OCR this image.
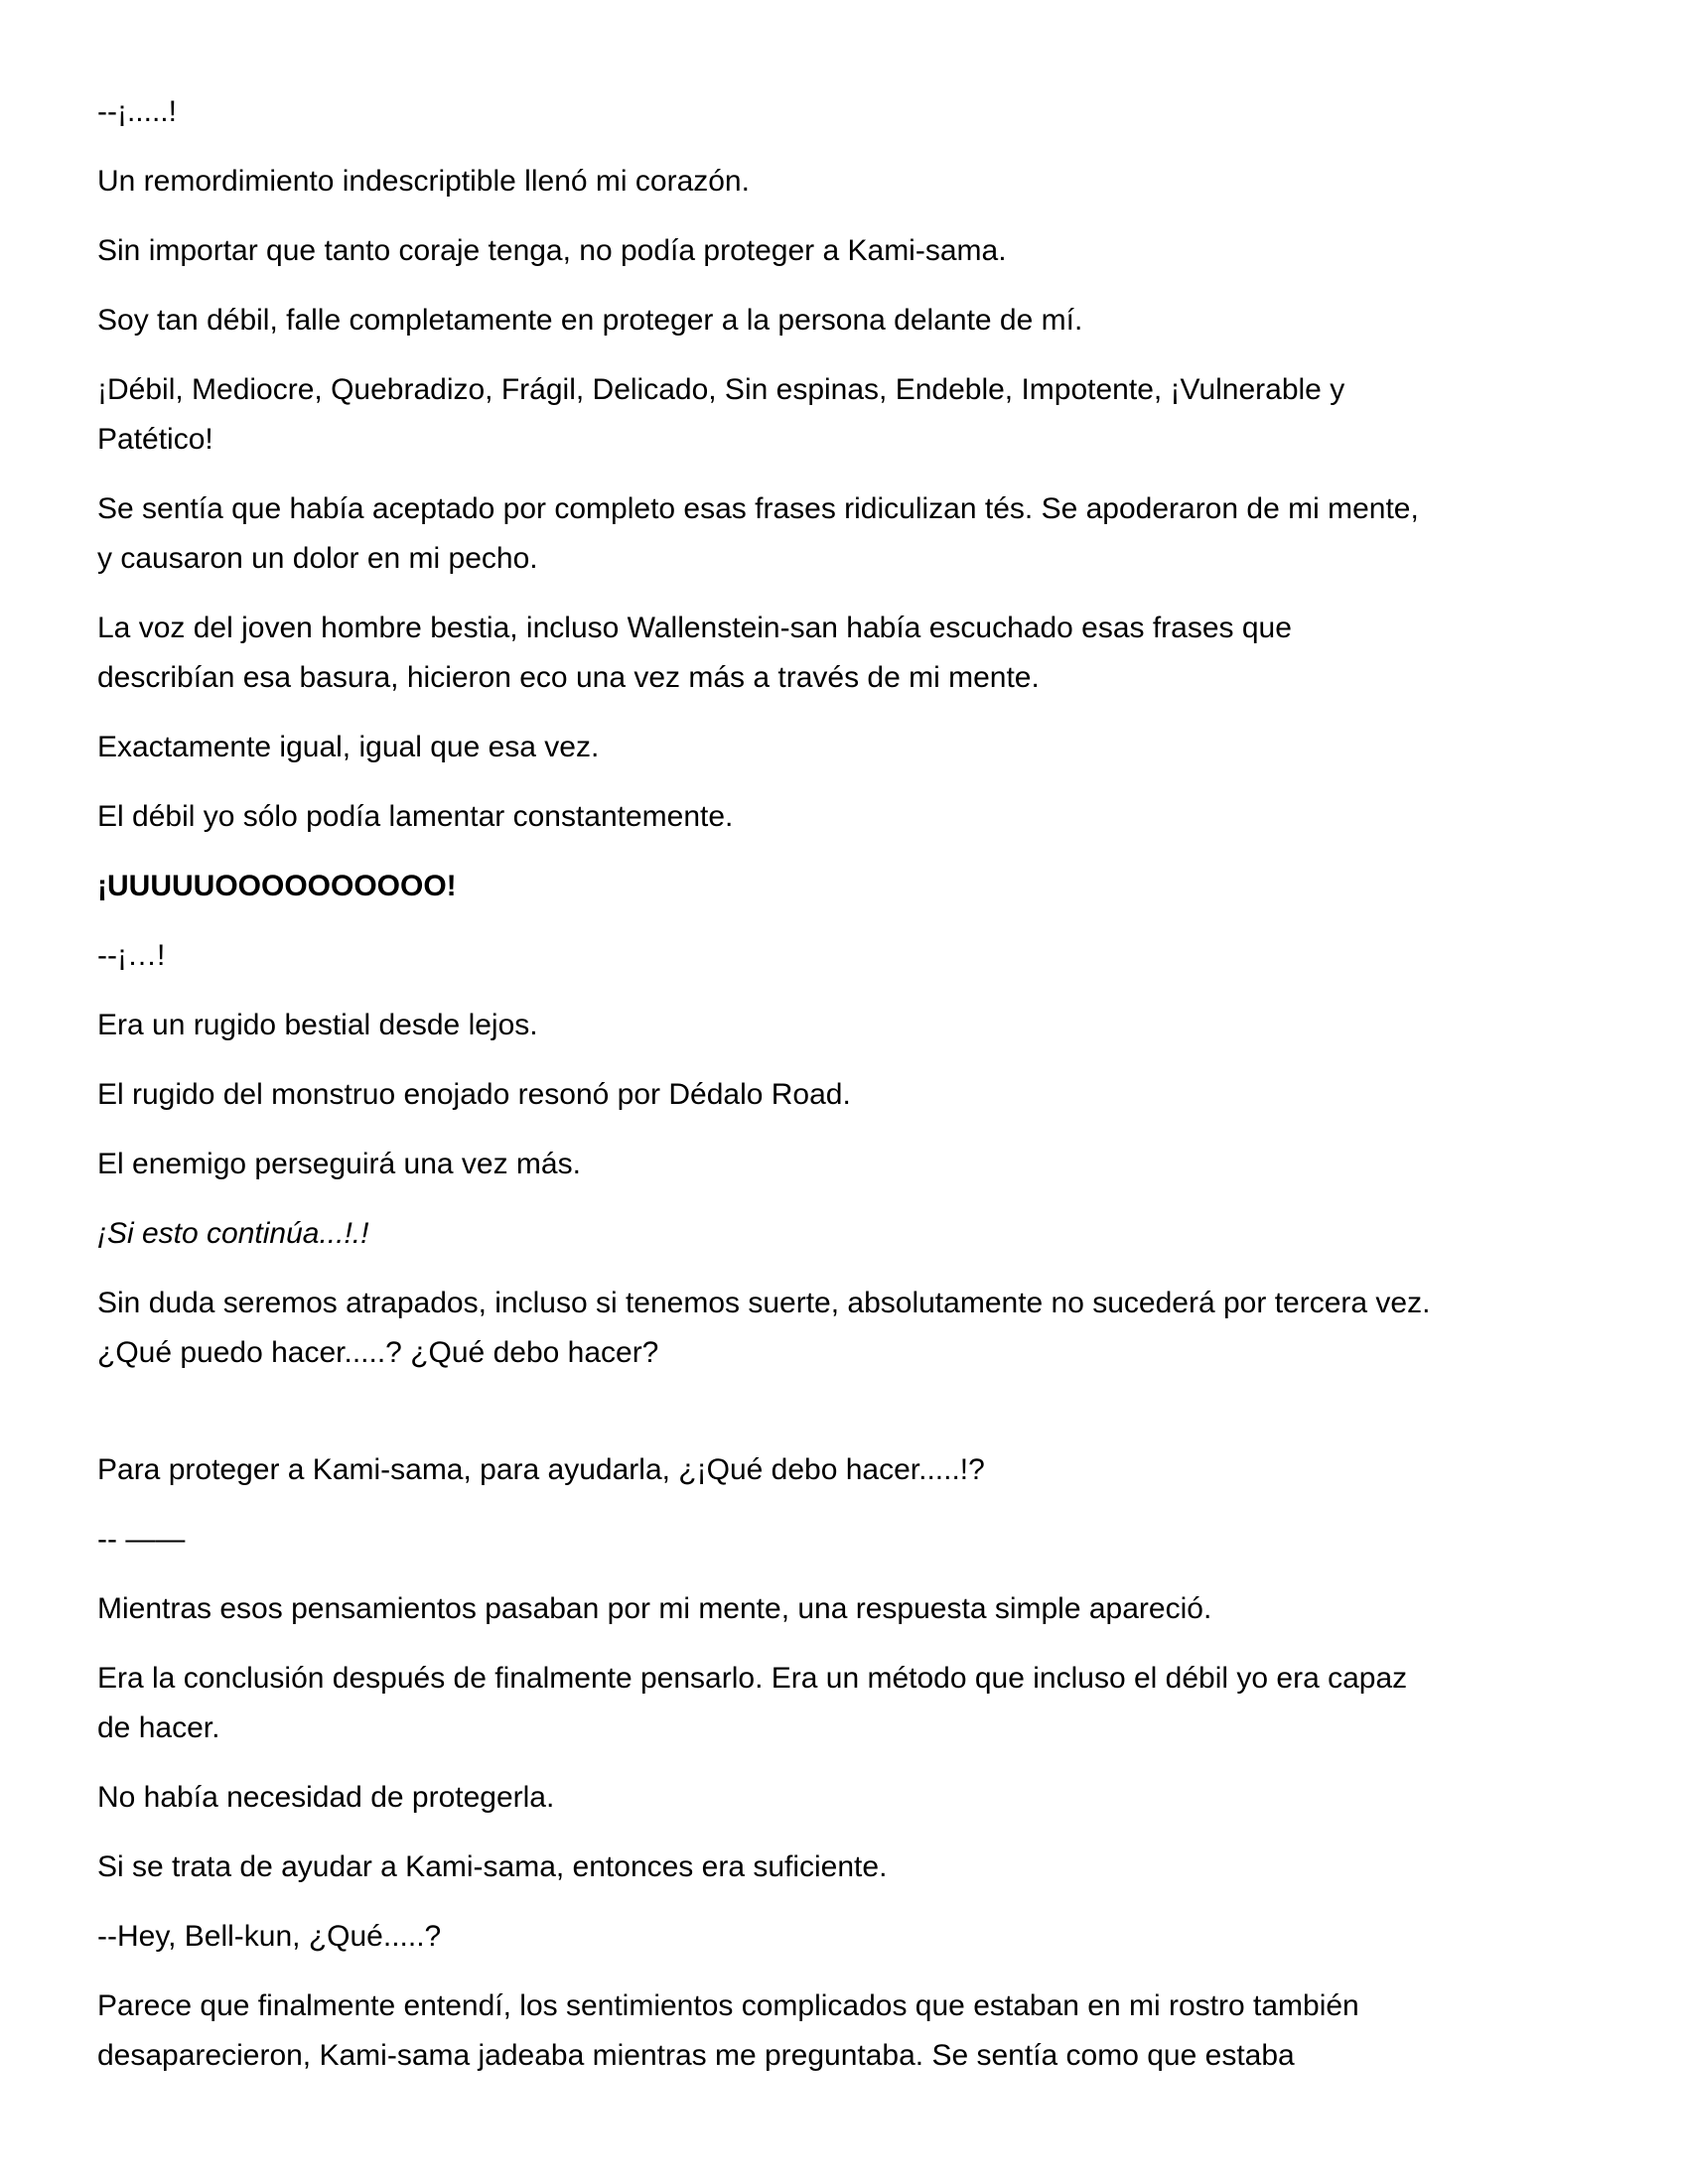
--¡.....!

Un remordimiento indescriptible llenó mi corazón.

Sin importar que tanto coraje tenga, no podía proteger a Kami-sama.

Soy tan débil, falle completamente en proteger a la persona delante de mí.

¡Débil, Mediocre, Quebradizo, Frágil, Delicado, Sin espinas, Endeble, Impotente, ¡Vulnerable y
Patético!

Se sentía que había aceptado por completo esas frases ridiculizan tés. Se apoderaron de mi mente,
y causaron un dolor en mi pecho.

La voz del joven hombre bestia, incluso Wallenstein-san había escuchado esas frases que
describían esa basura, hicieron eco una vez más a través de mi mente.

Exactamente igual, igual que esa vez.

El débil yo sólo podía lamentar constantemente.

¡UUUUUOOOOOOOOOO!

--¡…!

Era un rugido bestial desde lejos.

El rugido del monstruo enojado resonó por Dédalo Road.

El enemigo perseguirá una vez más.

¡Si esto continúa...!.!

Sin duda seremos atrapados, incluso si tenemos suerte, absolutamente no sucederá por tercera vez.
¿Qué puedo hacer.....? ¿Qué debo hacer?

Para proteger a Kami-sama, para ayudarla, ¿¡Qué debo hacer.....!?

-- ——

Mientras esos pensamientos pasaban por mi mente, una respuesta simple apareció.

Era la conclusión después de finalmente pensarlo. Era un método que incluso el débil yo era capaz
de hacer.

No había necesidad de protegerla.

Si se trata de ayudar a Kami-sama, entonces era suficiente.

--Hey, Bell-kun, ¿Qué.....?

Parece que finalmente entendí, los sentimientos complicados que estaban en mi rostro también
desaparecieron, Kami-sama jadeaba mientras me preguntaba. Se sentía como que estaba
